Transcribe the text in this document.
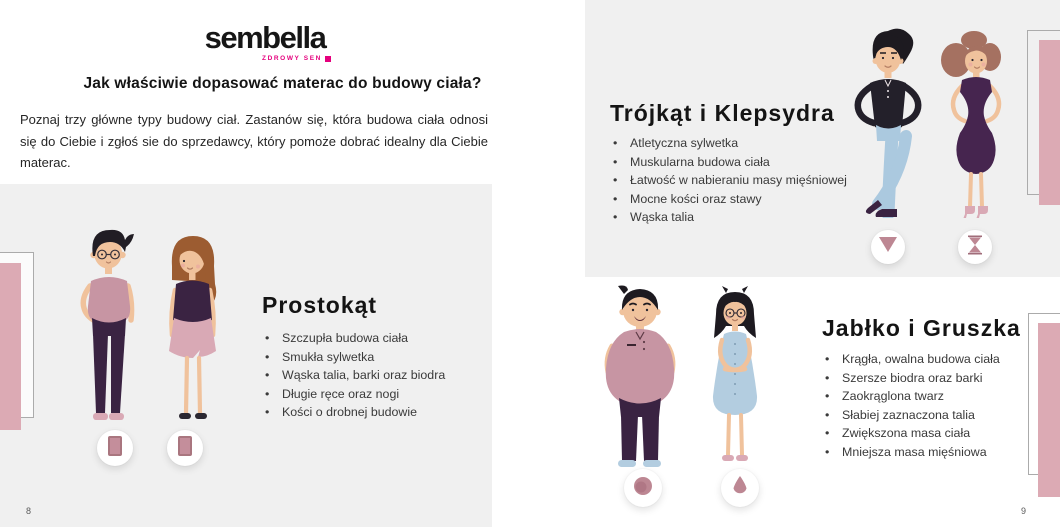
sembella
ZDROWY SEN
Jak właściwie dopasować materac do budowy ciała?

Poznaj trzy główne typy budowy ciał. Zastanów się, która budowa ciała odnosi się do Ciebie i zgłoś sie do sprzedawcy, który pomoże dobrać idealny dla Ciebie materac.

Prostokąt
• Szczupła budowa ciała
• Smukła sylwetka
• Wąska talia, barki oraz biodra
• Długie ręce oraz nogi
• Kości o drobnej budowie
Trójkąt i Klepsydra
• Atletyczna sylwetka
• Muskularna budowa ciała
• Łatwość w nabieraniu masy mięśniowej
• Mocne kości oraz stawy
• Wąska talia
Jabłko i Gruszka
• Krągła, owalna budowa ciała
• Szersze biodra oraz barki
• Zaokrąglona twarz
• Słabiej zaznaczona talia
• Zwiększona masa ciała
• Mniejsza masa mięśniowa
8	9
